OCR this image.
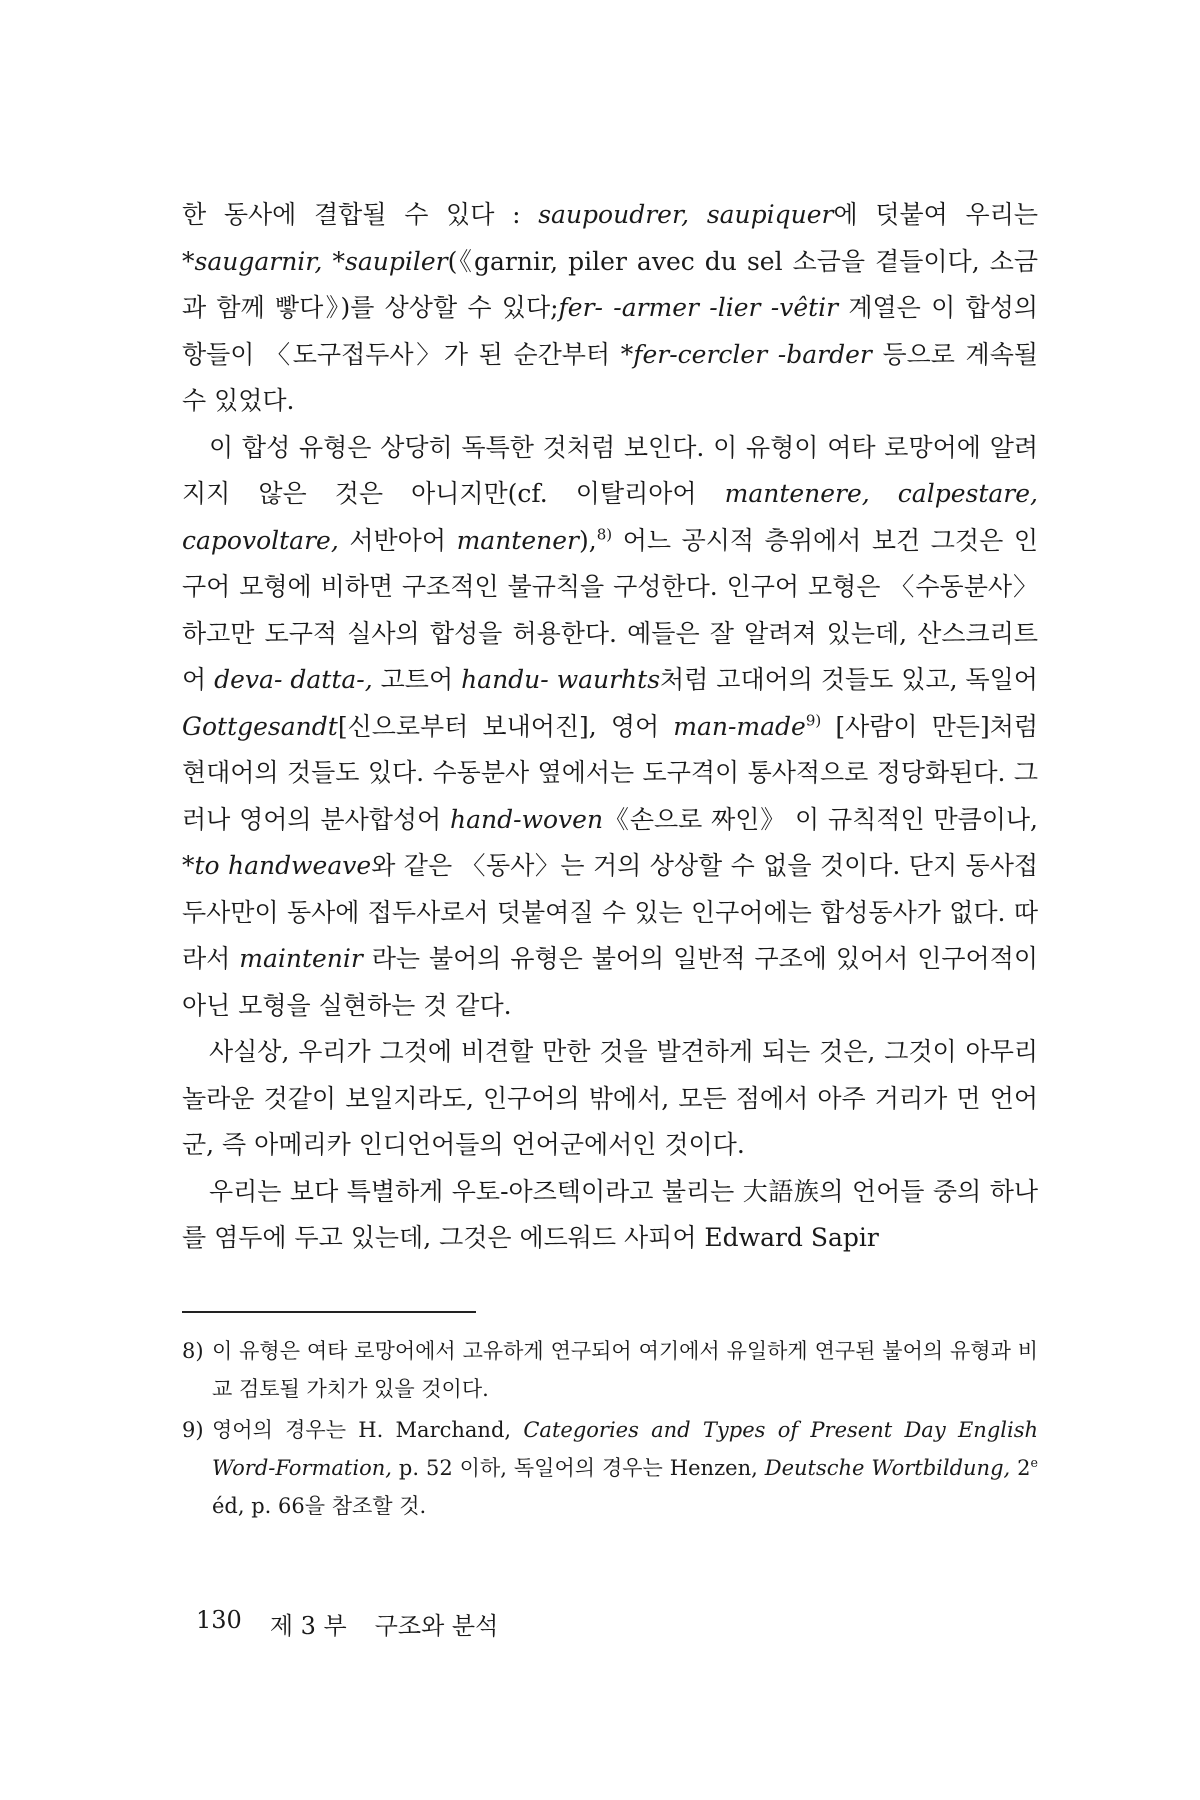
한 동사에 결합될 수 있다 : saupoudrer, saupiquer에 덧붙여 우리는 *saugarnir, *saupiler(《garnir, piler avec du sel 소금을 곁들이다, 소금과 함께 빻다》)를 상상할 수 있다;fer- -armer -lier -vêtir 계열은 이 합성의 항들이 〈도구접두사〉가 된 순간부터 *fer-cercler -barder 등으로 계속될 수 있었다.

이 합성 유형은 상당히 독특한 것처럼 보인다. 이 유형이 여타 로망어에 알려지지 않은 것은 아니지만(cf. 이탈리아어 mantenere, calpestare, capovoltare, 서반아어 mantener),$^{8)}$ 어느 공시적 층위에서 보건 그것은 인구어 모형에 비하면 구조적인 불규칙을 구성한다. 인구어 모형은 〈수동분사〉하고만 도구적 실사의 합성을 허용한다. 예들은 잘 알려져 있는데, 산스크리트어 deva- datta-, 고트어 handu- waurhts처럼 고대어의 것들도 있고, 독일어 Gottgesandt[신으로부터 보내어진], 영어 man-made$^{9)}$ [사람이 만든]처럼 현대어의 것들도 있다. 수동분사 옆에서는 도구격이 통사적으로 정당화된다. 그러나 영어의 분사합성어 hand-woven《손으로 짜인》 이 규칙적인 만큼이나, *to handweave와 같은 〈동사〉는 거의 상상할 수 없을 것이다. 단지 동사접두사만이 동사에 접두사로서 덧붙여질 수 있는 인구어에는 합성동사가 없다. 따라서 maintenir 라는 불어의 유형은 불어의 일반적 구조에 있어서 인구어적이 아닌 모형을 실현하는 것 같다.

사실상, 우리가 그것에 비견할 만한 것을 발견하게 되는 것은, 그것이 아무리 놀라운 것같이 보일지라도, 인구어의 밖에서, 모든 점에서 아주 거리가 먼 언어군, 즉 아메리카 인디언어들의 언어군에서인 것이다.

우리는 보다 특별하게 우토-아즈텍이라고 불리는 大語族의 언어들 중의 하나를 염두에 두고 있는데, 그것은 에드워드 사피어 Edward Sapir

8) 이 유형은 여타 로망어에서 고유하게 연구되어 여기에서 유일하게 연구된 불어의 유형과 비교 검토될 가치가 있을 것이다.
9) 영어의 경우는 H. Marchand, Categories and Types of Present Day English Word-Formation, p. 52 이하, 독일어의 경우는 Henzen, Deutsche Wortbildung, 2e éd, p. 66을 참조할 것.
130 제 3 부 구조와 분석
